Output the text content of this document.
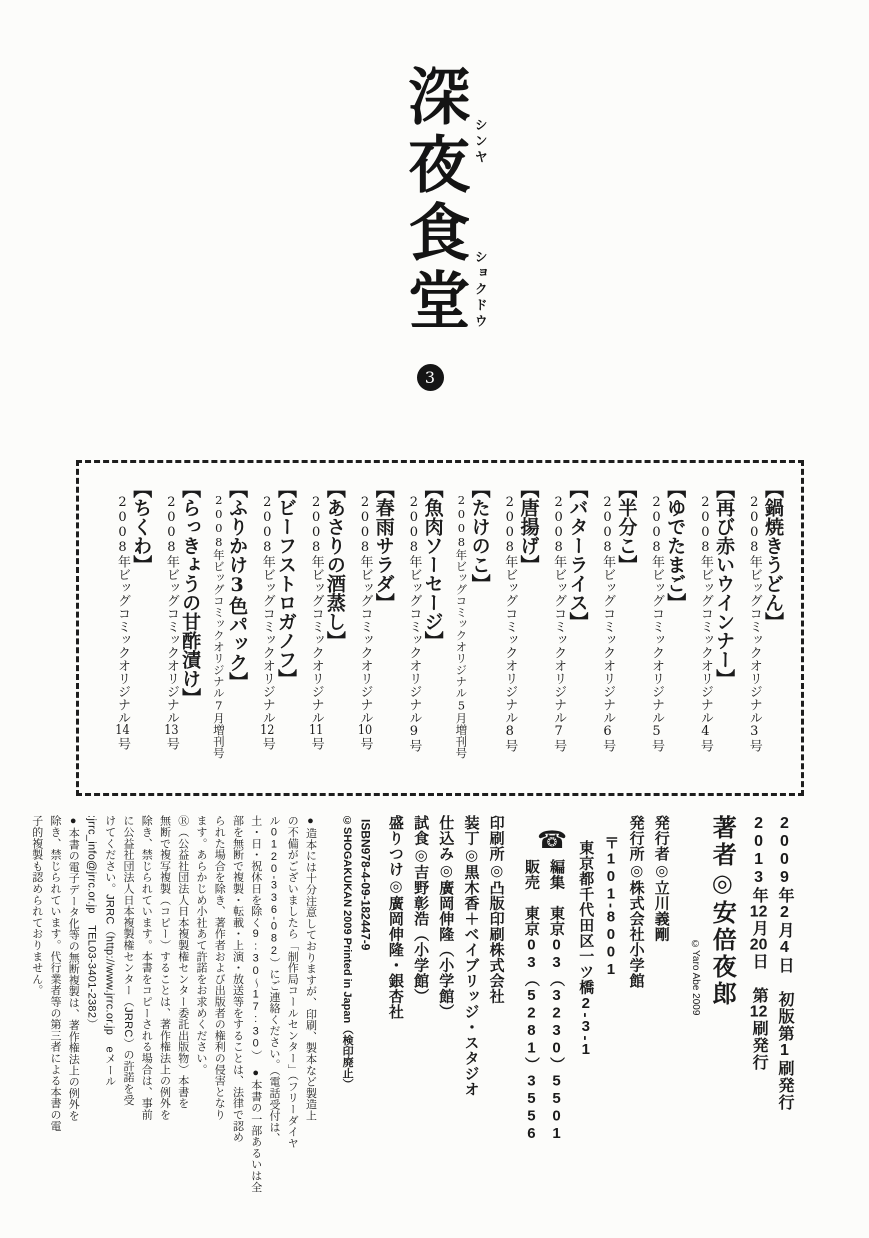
深夜食堂 シンヤ
ショクドウ
3
【鍋焼きうどん】
2008年ビッグコミックオリジナル3号
【再び赤いウインナー】
2008年ビッグコミックオリジナル4号
【ゆでたまご】
2008年ビッグコミックオリジナル5号
【半分こ】
2008年ビッグコミックオリジナル6号
【バターライス】
2008年ビッグコミックオリジナル7号
【唐揚げ】
2008年ビッグコミックオリジナル8号
【たけのこ】
2008年ビッグコミックオリジナル5月増刊号
【魚肉ソーセージ】
2008年ビッグコミックオリジナル9号
【春雨サラダ】
2008年ビッグコミックオリジナル10号
【あさりの酒蒸し】
2008年ビッグコミックオリジナル11号
【ビーフストロガノフ】
2008年ビッグコミックオリジナル12号
【ふりかけ3色パック】
2008年ビッグコミックオリジナル7月増刊号
【らっきょうの甘酢漬け】
2008年ビッグコミックオリジナル13号
【ちくわ】
2008年ビッグコミックオリジナル14号
2009年2月4日　初版第1刷発行
2013年12月20日　第12刷発行
著者◎安倍夜郎
©Yaro Abe 2009
発行者◎立川義剛
発行所◎株式会社小学館
〒101-8001
東京都千代田区一ツ橋2-3-1
☎
編集　東京03（3230）5501
販売　東京03（5281）3556
印刷所◎凸版印刷株式会社
装丁◎黒木香＋ベイブリッジ・スタジオ
仕込み◎廣岡伸隆（小学館）
試食◎吉野彰浩（小学館）
盛りつけ◎廣岡伸隆・銀杏社
ISBN978-4-09-182447-9
©SHOGAKUKAN 2009 Printed in Japan（検印廃止）
●造本には十分注意しておりますが、印刷、製本など製造上
の不備がございましたら「制作局コールセンター」（フリーダイヤ
ル0120-336-082）にご連絡ください。（電話受付は、
土・日・祝休日を除く9:30～17:30）　●本書の一部あるいは全
部を無断で複製・転載・上演・放送等をすることは、法律で認め
られた場合を除き、著作者および出版者の権利の侵害となり
ます。あらかじめ小社あて許諾をお求めください。
Ⓡ（公益社団法人日本複製権センター委託出版物）本書を
無断で複写複製（コピー）することは、著作権法上の例外を
除き、禁じられています。本書をコピーされる場合は、事前
に公益社団法人日本複製権センター（JRRC）の許諾を受
けてください。JRRC（http://www.jrrc.or.jp　eメール
:jrrc_info@jrrc.or.jp　TEL03-3401-2382）
●本書の電子データ化等の無断複製は、著作権法上の例外を
除き、禁じられています。代行業者等の第三者による本書の電
子的複製も認められておりません。
